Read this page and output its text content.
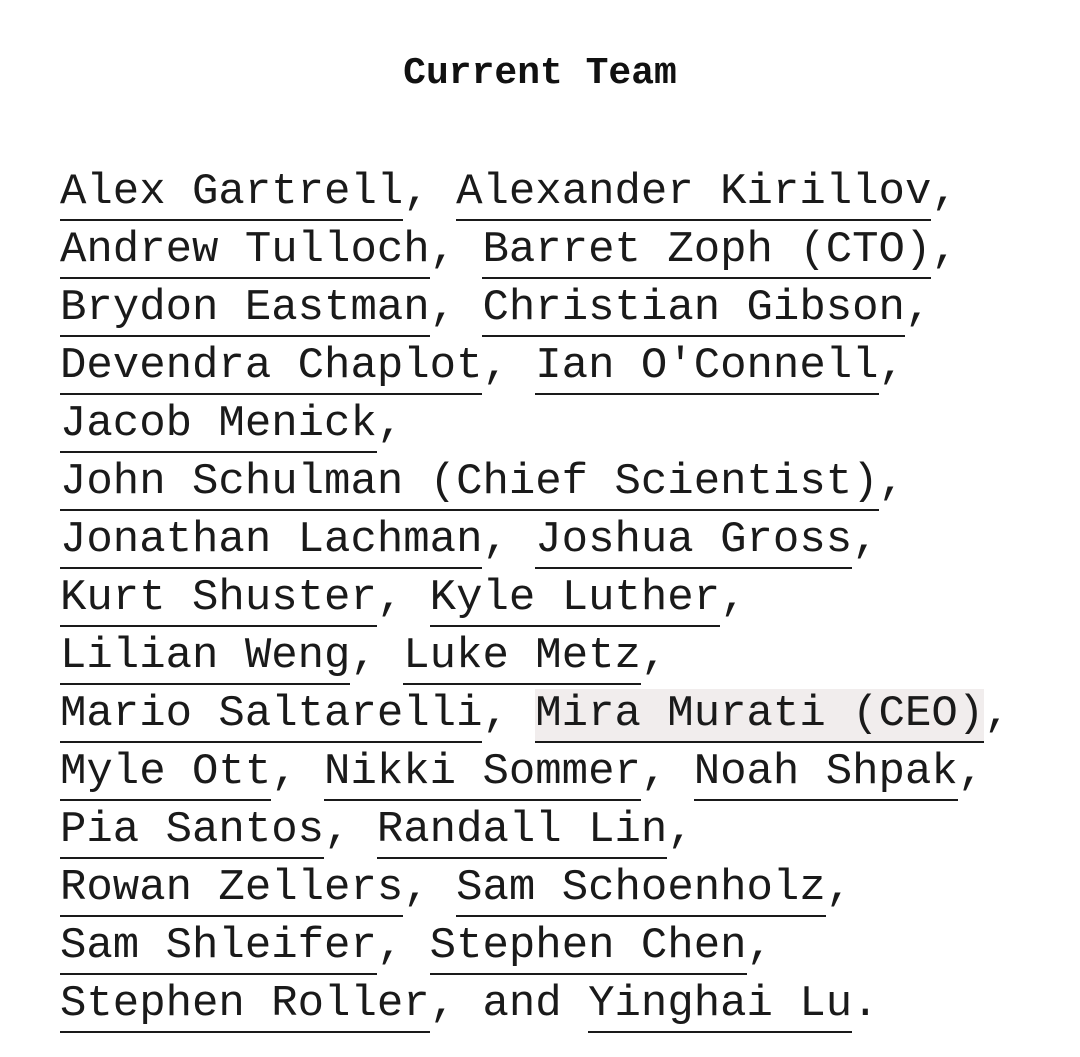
Current Team
Alex Gartrell, Alexander Kirillov,
Andrew Tulloch, Barret Zoph (CTO),
Brydon Eastman, Christian Gibson,
Devendra Chaplot, Ian O'Connell,
Jacob Menick,
John Schulman (Chief Scientist),
Jonathan Lachman, Joshua Gross,
Kurt Shuster, Kyle Luther,
Lilian Weng, Luke Metz,
Mario Saltarelli, Mira Murati (CEO),
Myle Ott, Nikki Sommer, Noah Shpak,
Pia Santos, Randall Lin,
Rowan Zellers, Sam Schoenholz,
Sam Shleifer, Stephen Chen,
Stephen Roller, and Yinghai Lu.
